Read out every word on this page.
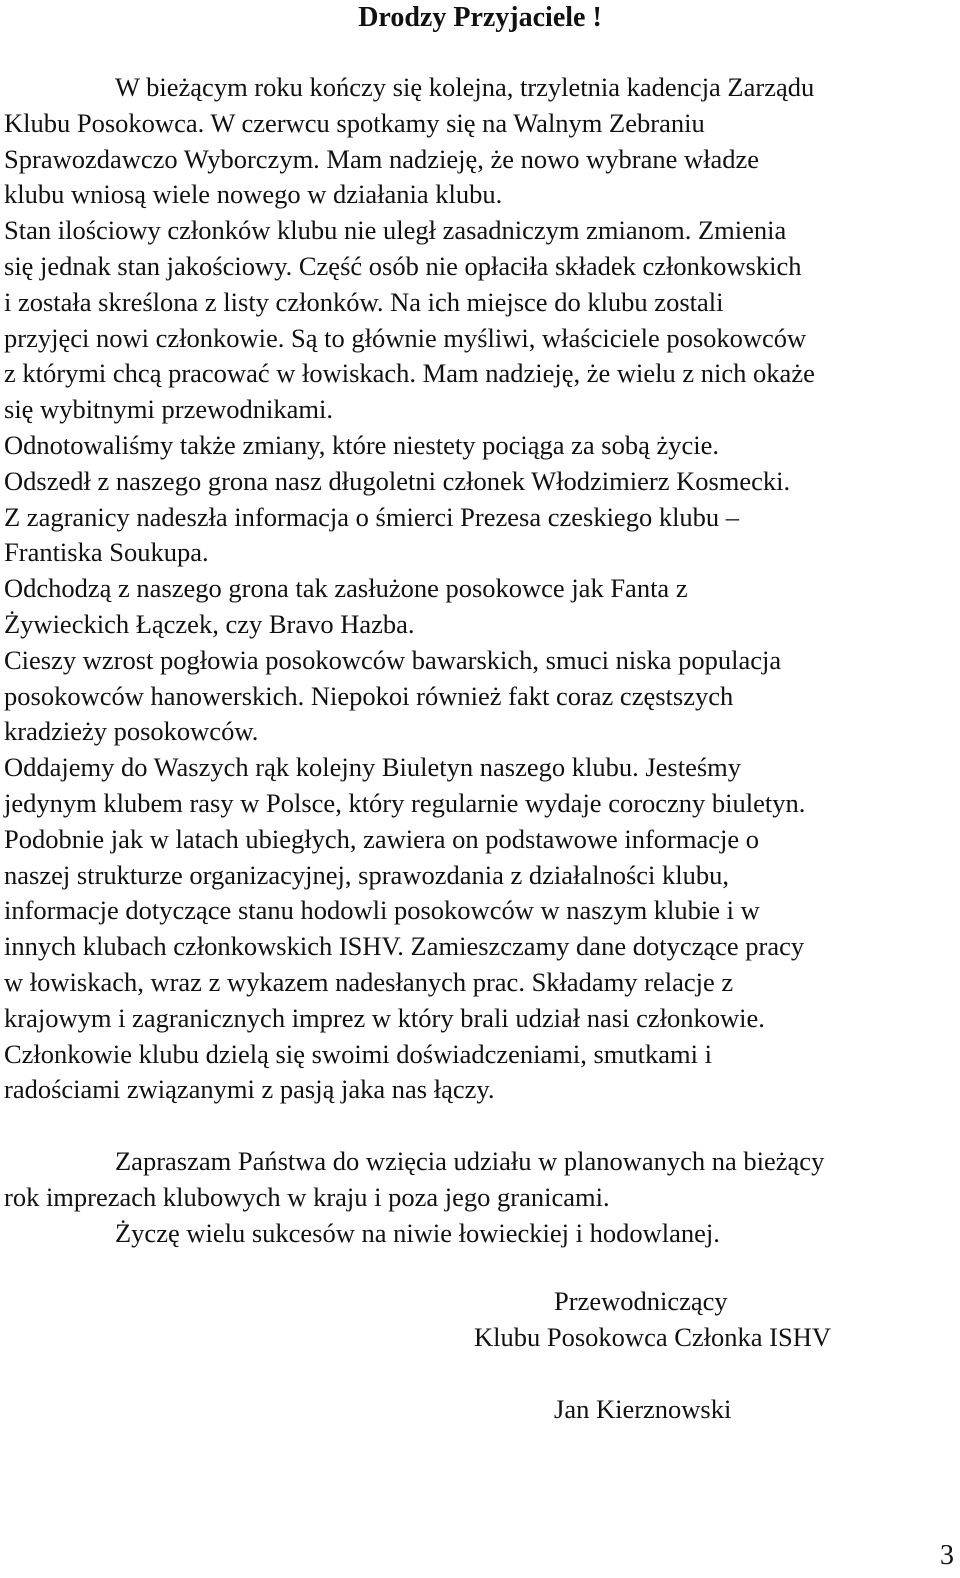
Drodzy Przyjaciele !
W bieżącym roku kończy się kolejna, trzyletnia kadencja Zarządu
Klubu Posokowca. W czerwcu spotkamy się na Walnym Zebraniu
Sprawozdawczo Wyborczym. Mam nadzieję, że nowo wybrane władze
klubu wniosą wiele nowego w działania klubu.
Stan ilościowy członków klubu nie uległ zasadniczym zmianom. Zmienia
się jednak stan jakościowy. Część osób nie opłaciła składek członkowskich
i została skreślona z listy członków. Na ich miejsce do klubu zostali
przyjęci nowi członkowie. Są to głównie myśliwi, właściciele posokowców
z którymi chcą pracować w łowiskach. Mam nadzieję, że wielu z nich okaże
się wybitnymi przewodnikami.
Odnotowaliśmy także zmiany, które niestety pociąga za sobą życie.
Odszedł z naszego grona nasz długoletni członek Włodzimierz Kosmecki.
Z zagranicy nadeszła informacja o śmierci Prezesa czeskiego klubu –
Frantiska Soukupa.
Odchodzą z naszego grona tak zasłużone posokowce jak Fanta z
Żywieckich Łączek, czy Bravo Hazba.
Cieszy wzrost pogłowia posokowców bawarskich, smuci niska populacja
posokowców hanowerskich. Niepokoi również fakt coraz częstszych
kradzieży posokowców.
Oddajemy do Waszych rąk kolejny Biuletyn naszego klubu. Jesteśmy
jedynym klubem rasy w Polsce, który regularnie wydaje coroczny biuletyn.
Podobnie jak w latach ubiegłych, zawiera on podstawowe informacje o
naszej strukturze organizacyjnej, sprawozdania z działalności klubu,
informacje dotyczące stanu hodowli posokowców w naszym klubie i w
innych klubach członkowskich ISHV. Zamieszczamy dane dotyczące pracy
w łowiskach, wraz z wykazem nadesłanych prac. Składamy relacje z
krajowym i zagranicznych imprez w który brali udział nasi członkowie.
Członkowie klubu dzielą się swoimi doświadczeniami, smutkami i
radościami związanymi z pasją jaka nas łączy.
Zapraszam Państwa do wzięcia udziału w planowanych na bieżący
rok imprezach klubowych w kraju i poza jego granicami.
Życzę wielu sukcesów na niwie łowieckiej i hodowlanej.
Przewodniczący
Klubu Posokowca Członka ISHV
Jan Kierznowski
3
